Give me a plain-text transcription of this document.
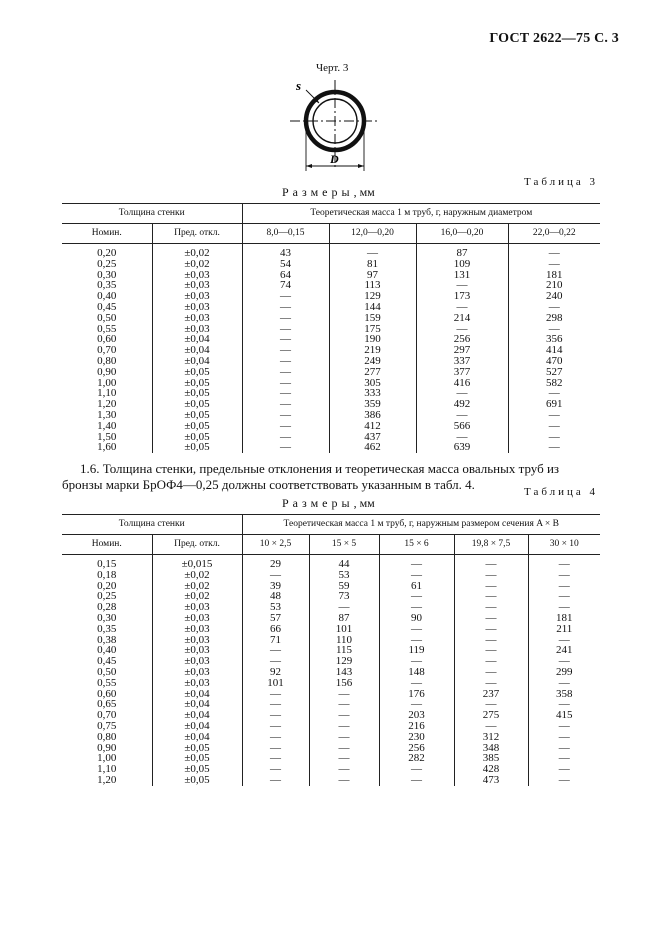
ГОСТ 2622—75 С. 3
Черт. 3
s
D
Таблица 3
Размеры, мм
Толщина стенки		Теоретическая масса 1 м труб, г, наружным диаметром			
Номин.	Пред. откл.	8,0—0,15	12,0—0,20	16,0—0,20	22,0—0,22
0,20	±0,02	43	—	87	—
0,25	±0,02	54	81	109	—
0,30	±0,03	64	97	131	181
0,35	±0,03	74	113	—	210
0,40	±0,03	—	129	173	240
0,45	±0,03	—	144	—	—
0,50	±0,03	—	159	214	298
0,55	±0,03	—	175	—	—
0,60	±0,04	—	190	256	356
0,70	±0,04	—	219	297	414
0,80	±0,04	—	249	337	470
0,90	±0,05	—	277	377	527
1,00	±0,05	—	305	416	582
1,10	±0,05	—	333	—	—
1,20	±0,05	—	359	492	691
1,30	±0,05	—	386	—	—
1,40	±0,05	—	412	566	—
1,50	±0,05	—	437	—	—
1,60	±0,05	—	462	639	—
1.6. Толщина стенки, предельные отклонения и теоретическая масса овальных труб из бронзы марки БрОФ4—0,25 должны соответствовать указанным в табл. 4.	Таблица 4
Размеры, мм
Толщина стенки		Теоретическая масса 1 м труб, г, наружным размером сечения A × B				
Номин.	Пред. откл.	10 × 2,5	15 × 5	15 × 6	19,8 × 7,5	30 × 10
0,15	±0,015	29	44	—	—	—
0,18	±0,02	—	53	—	—	—
0,20	±0,02	39	59	61	—	—
0,25	±0,02	48	73	—	—	—
0,28	±0,03	53	—	—	—	—
0,30	±0,03	57	87	90	—	181
0,35	±0,03	66	101	—	—	211
0,38	±0,03	71	110	—	—	—
0,40	±0,03	—	115	119	—	241
0,45	±0,03	—	129	—	—	—
0,50	±0,03	92	143	148	—	299
0,55	±0,03	101	156	—	—	—
0,60	±0,04	—	—	176	237	358
0,65	±0,04	—	—	—	—	—
0,70	±0,04	—	—	203	275	415
0,75	±0,04	—	—	216	—	—
0,80	±0,04	—	—	230	312	—
0,90	±0,05	—	—	256	348	—
1,00	±0,05	—	—	282	385	—
1,10	±0,05	—	—	—	428	—
1,20	±0,05	—	—	—	473	—
